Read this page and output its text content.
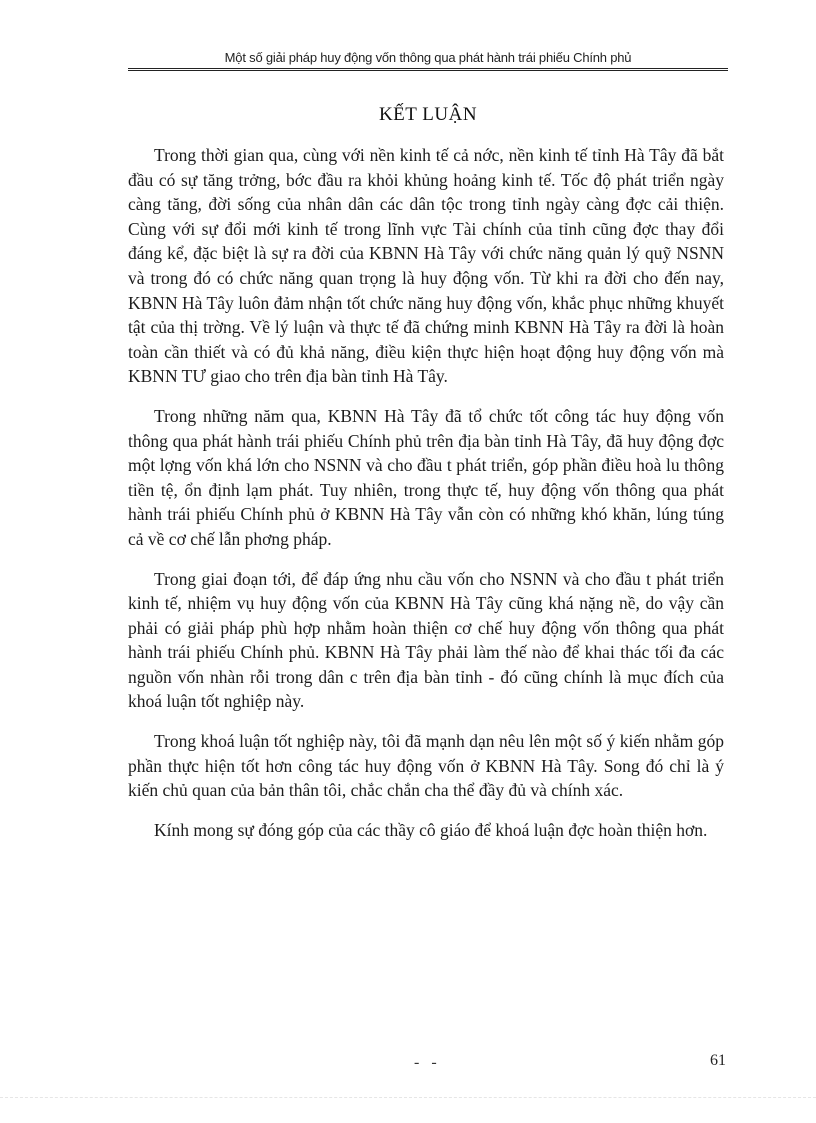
Một số giải pháp huy động vốn thông qua phát hành trái phiếu Chính phủ
KẾT LUẬN

Trong thời gian qua, cùng với nền kinh tế cả nớc, nền kinh tế tỉnh Hà Tây đã bắt đầu có sự tăng trởng, bớc đầu ra khỏi khủng hoảng kinh tế. Tốc độ phát triển ngày càng tăng, đời sống của nhân dân các dân tộc trong tỉnh ngày càng đợc cải thiện. Cùng với sự đổi mới kinh tế trong lĩnh vực Tài chính của tỉnh cũng đợc thay đổi đáng kể, đặc biệt là sự ra đời của KBNN Hà Tây với chức năng quản lý quỹ NSNN và trong đó có chức năng quan trọng là huy động vốn. Từ khi ra đời cho đến nay, KBNN Hà Tây luôn đảm nhận tốt chức năng huy động vốn, khắc phục những khuyết tật của thị trờng. Về lý luận và thực tế đã chứng minh KBNN Hà Tây ra đời là hoàn toàn cần thiết và có đủ khả năng, điều kiện thực hiện hoạt động huy động vốn mà KBNN TƯ giao cho trên địa bàn tỉnh Hà Tây.

Trong những năm qua, KBNN Hà Tây đã tổ chức tốt công tác huy động vốn thông qua phát hành trái phiếu Chính phủ trên địa bàn tỉnh Hà Tây, đã huy động đợc một lợng vốn khá lớn cho NSNN và cho đầu t phát triển, góp phần điều hoà lu thông tiền tệ, ổn định lạm phát. Tuy nhiên, trong thực tế, huy động vốn thông qua phát hành trái phiếu Chính phủ ở KBNN Hà Tây vẫn còn có những khó khăn, lúng túng cả về cơ chế lẫn phơng pháp.

Trong giai đoạn tới, để đáp ứng nhu cầu vốn cho NSNN và cho đầu t phát triển kinh tế, nhiệm vụ huy động vốn của KBNN Hà Tây cũng khá nặng nề, do vậy cần phải có giải pháp phù hợp nhằm hoàn thiện cơ chế huy động vốn thông qua phát hành trái phiếu Chính phủ. KBNN Hà Tây phải làm thế nào để khai thác tối đa các nguồn vốn nhàn rỗi trong dân c trên địa bàn tỉnh - đó cũng chính là mục đích của khoá luận tốt nghiệp này.

Trong khoá luận tốt nghiệp này, tôi đã mạnh dạn nêu lên một số ý kiến nhằm góp phần thực hiện tốt hơn công tác huy động vốn ở KBNN Hà Tây. Song đó chỉ là ý kiến chủ quan của bản thân tôi, chắc chắn cha thể đầy đủ và chính xác.

Kính mong sự đóng góp của các thầy cô giáo để khoá luận đợc hoàn thiện hơn.

- -	61
